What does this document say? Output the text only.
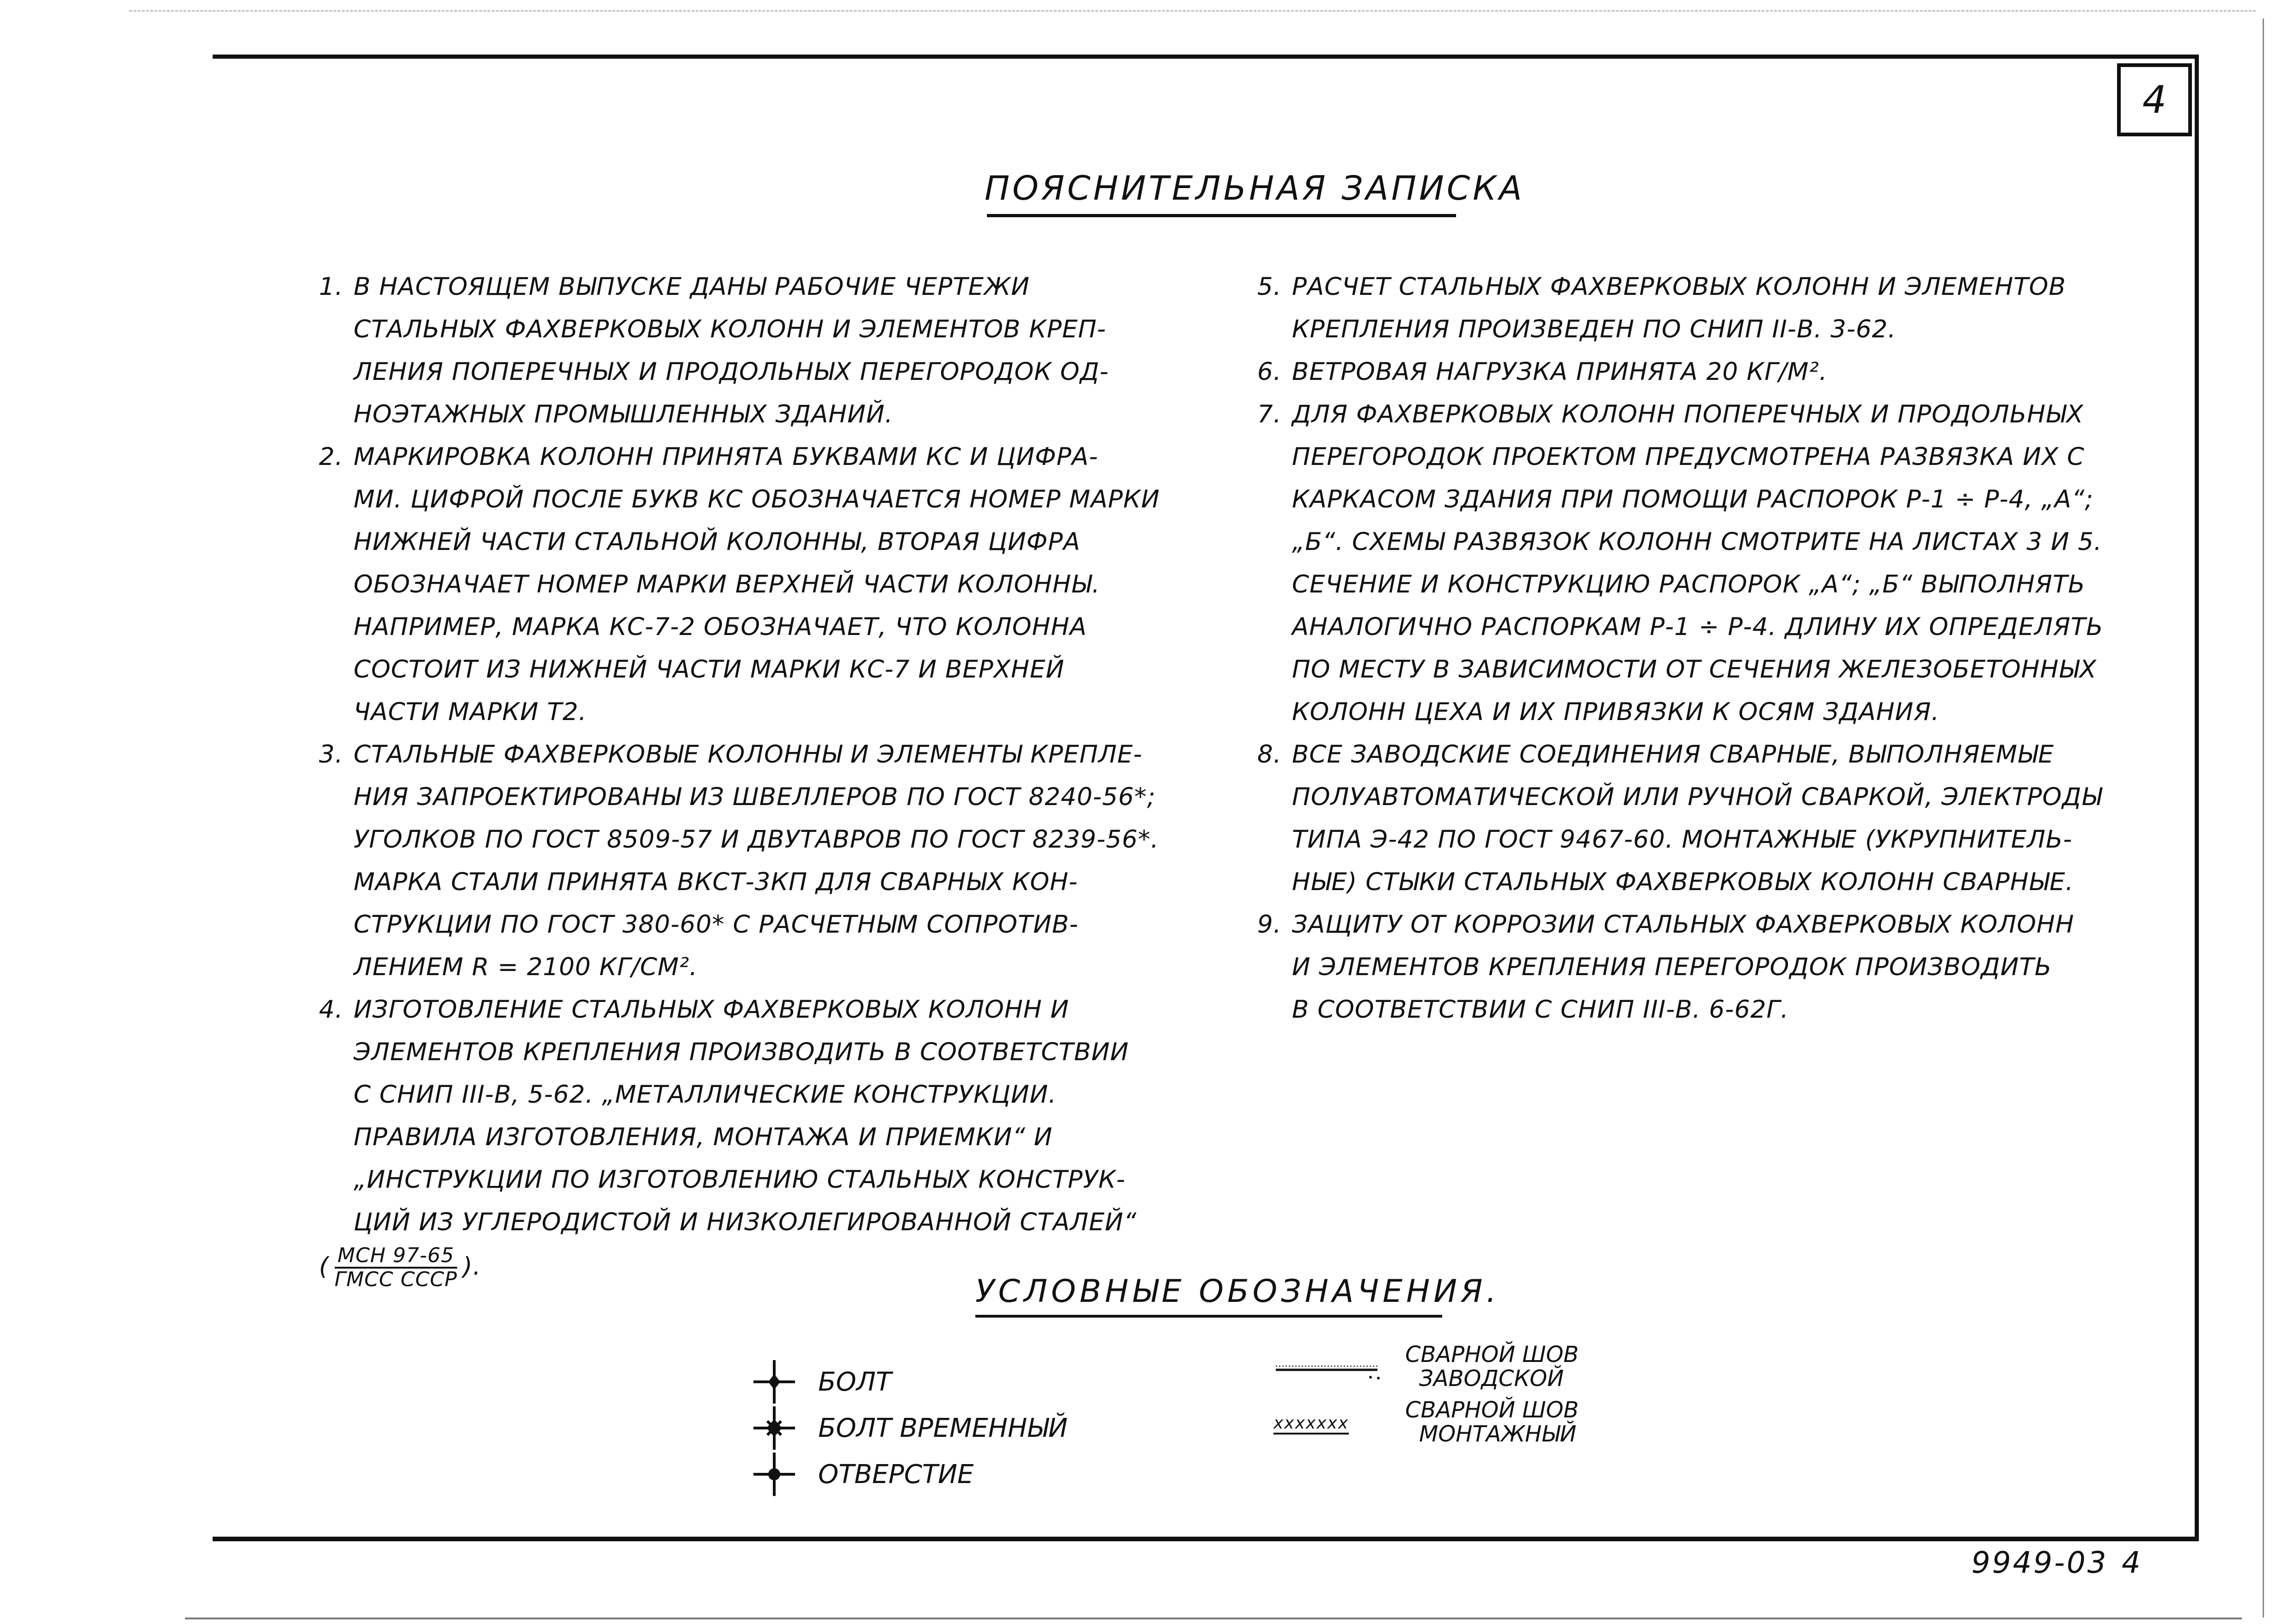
4
ПОЯСНИТЕЛЬНАЯ ЗАПИСКА
1. В НАСТОЯЩЕМ ВЫПУСКЕ ДАНЫ РАБОЧИЕ ЧЕРТЕЖИ
СТАЛЬНЫХ ФАХВЕРКОВЫХ КОЛОНН И ЭЛЕМЕНТОВ КРЕП-
ЛЕНИЯ ПОПЕРЕЧНЫХ И ПРОДОЛЬНЫХ ПЕРЕГОРОДОК ОД-
НОЭТАЖНЫХ ПРОМЫШЛЕННЫХ ЗДАНИЙ.
2. МАРКИРОВКА КОЛОНН ПРИНЯТА БУКВАМИ КС И ЦИФРА-
МИ. ЦИФРОЙ ПОСЛЕ БУКВ КС ОБОЗНАЧАЕТСЯ НОМЕР МАРКИ
НИЖНЕЙ ЧАСТИ СТАЛЬНОЙ КОЛОННЫ, ВТОРАЯ ЦИФРА
ОБОЗНАЧАЕТ НОМЕР МАРКИ ВЕРХНЕЙ ЧАСТИ КОЛОННЫ.
НАПРИМЕР, МАРКА КС-7-2 ОБОЗНАЧАЕТ, ЧТО КОЛОННА
СОСТОИТ ИЗ НИЖНЕЙ ЧАСТИ МАРКИ КС-7 И ВЕРХНЕЙ
ЧАСТИ МАРКИ Т2.
3. СТАЛЬНЫЕ ФАХВЕРКОВЫЕ КОЛОННЫ И ЭЛЕМЕНТЫ КРЕПЛЕ-
НИЯ ЗАПРОЕКТИРОВАНЫ ИЗ ШВЕЛЛЕРОВ ПО ГОСТ 8240-56*;
УГОЛКОВ ПО ГОСТ 8509-57 И ДВУТАВРОВ ПО ГОСТ 8239-56*.
МАРКА СТАЛИ ПРИНЯТА ВКСТ-3КП ДЛЯ СВАРНЫХ КОН-
СТРУКЦИИ ПО ГОСТ 380-60* С РАСЧЕТНЫМ СОПРОТИВ-
ЛЕНИЕМ R = 2100 КГ/СМ².
4. ИЗГОТОВЛЕНИЕ СТАЛЬНЫХ ФАХВЕРКОВЫХ КОЛОНН И
ЭЛЕМЕНТОВ КРЕПЛЕНИЯ ПРОИЗВОДИТЬ В СООТВЕТСТВИИ
С СНИП III-В, 5-62. „МЕТАЛЛИЧЕСКИЕ КОНСТРУКЦИИ.
ПРАВИЛА ИЗГОТОВЛЕНИЯ, МОНТАЖА И ПРИЕМКИ“ И
„ИНСТРУКЦИИ ПО ИЗГОТОВЛЕНИЮ СТАЛЬНЫХ КОНСТРУК-
ЦИЙ ИЗ УГЛЕРОДИСТОЙ И НИЗКОЛЕГИРОВАННОЙ СТАЛЕЙ“
( $\frac{\text{МСН 97-65}}{\text{ГМСС СССР}}$ ).
5. РАСЧЕТ СТАЛЬНЫХ ФАХВЕРКОВЫХ КОЛОНН И ЭЛЕМЕНТОВ
КРЕПЛЕНИЯ ПРОИЗВЕДЕН ПО СНИП II-В. 3-62.
6. ВЕТРОВАЯ НАГРУЗКА ПРИНЯТА 20 КГ/М².
7. ДЛЯ ФАХВЕРКОВЫХ КОЛОНН ПОПЕРЕЧНЫХ И ПРОДОЛЬНЫХ
ПЕРЕГОРОДОК ПРОЕКТОМ ПРЕДУСМОТРЕНА РАЗВЯЗКА ИХ С
КАРКАСОМ ЗДАНИЯ ПРИ ПОМОЩИ РАСПОРОК Р-1 ÷ Р-4, „А“;
„Б“. СХЕМЫ РАЗВЯЗОК КОЛОНН СМОТРИТЕ НА ЛИСТАХ 3 И 5.
СЕЧЕНИЕ И КОНСТРУКЦИЮ РАСПОРОК „А“; „Б“ ВЫПОЛНЯТЬ
АНАЛОГИЧНО РАСПОРКАМ Р-1 ÷ Р-4. ДЛИНУ ИХ ОПРЕДЕЛЯТЬ
ПО МЕСТУ В ЗАВИСИМОСТИ ОТ СЕЧЕНИЯ ЖЕЛЕЗОБЕТОННЫХ
КОЛОНН ЦЕХА И ИХ ПРИВЯЗКИ К ОСЯМ ЗДАНИЯ.
8. ВСЕ ЗАВОДСКИЕ СОЕДИНЕНИЯ СВАРНЫЕ, ВЫПОЛНЯЕМЫЕ
ПОЛУАВТОМАТИЧЕСКОЙ ИЛИ РУЧНОЙ СВАРКОЙ, ЭЛЕКТРОДЫ
ТИПА Э-42 ПО ГОСТ 9467-60. МОНТАЖНЫЕ (УКРУПНИТЕЛЬ-
НЫЕ) СТЫКИ СТАЛЬНЫХ ФАХВЕРКОВЫХ КОЛОНН СВАРНЫЕ.
9. ЗАЩИТУ ОТ КОРРОЗИИ СТАЛЬНЫХ ФАХВЕРКОВЫХ КОЛОНН
И ЭЛЕМЕНТОВ КРЕПЛЕНИЯ ПЕРЕГОРОДОК ПРОИЗВОДИТЬ
В СООТВЕТСТВИИ С СНИП III-В. 6-62Г.
УСЛОВНЫЕ ОБОЗНАЧЕНИЯ.
БОЛТ
БОЛТ ВРЕМЕННЫЙ
ОТВЕРСТИЕ
СВАРНОЙ ШОВ
ЗАВОДСКОЙ
xxxxxxx
СВАРНОЙ ШОВ
МОНТАЖНЫЙ
9949-03 4
